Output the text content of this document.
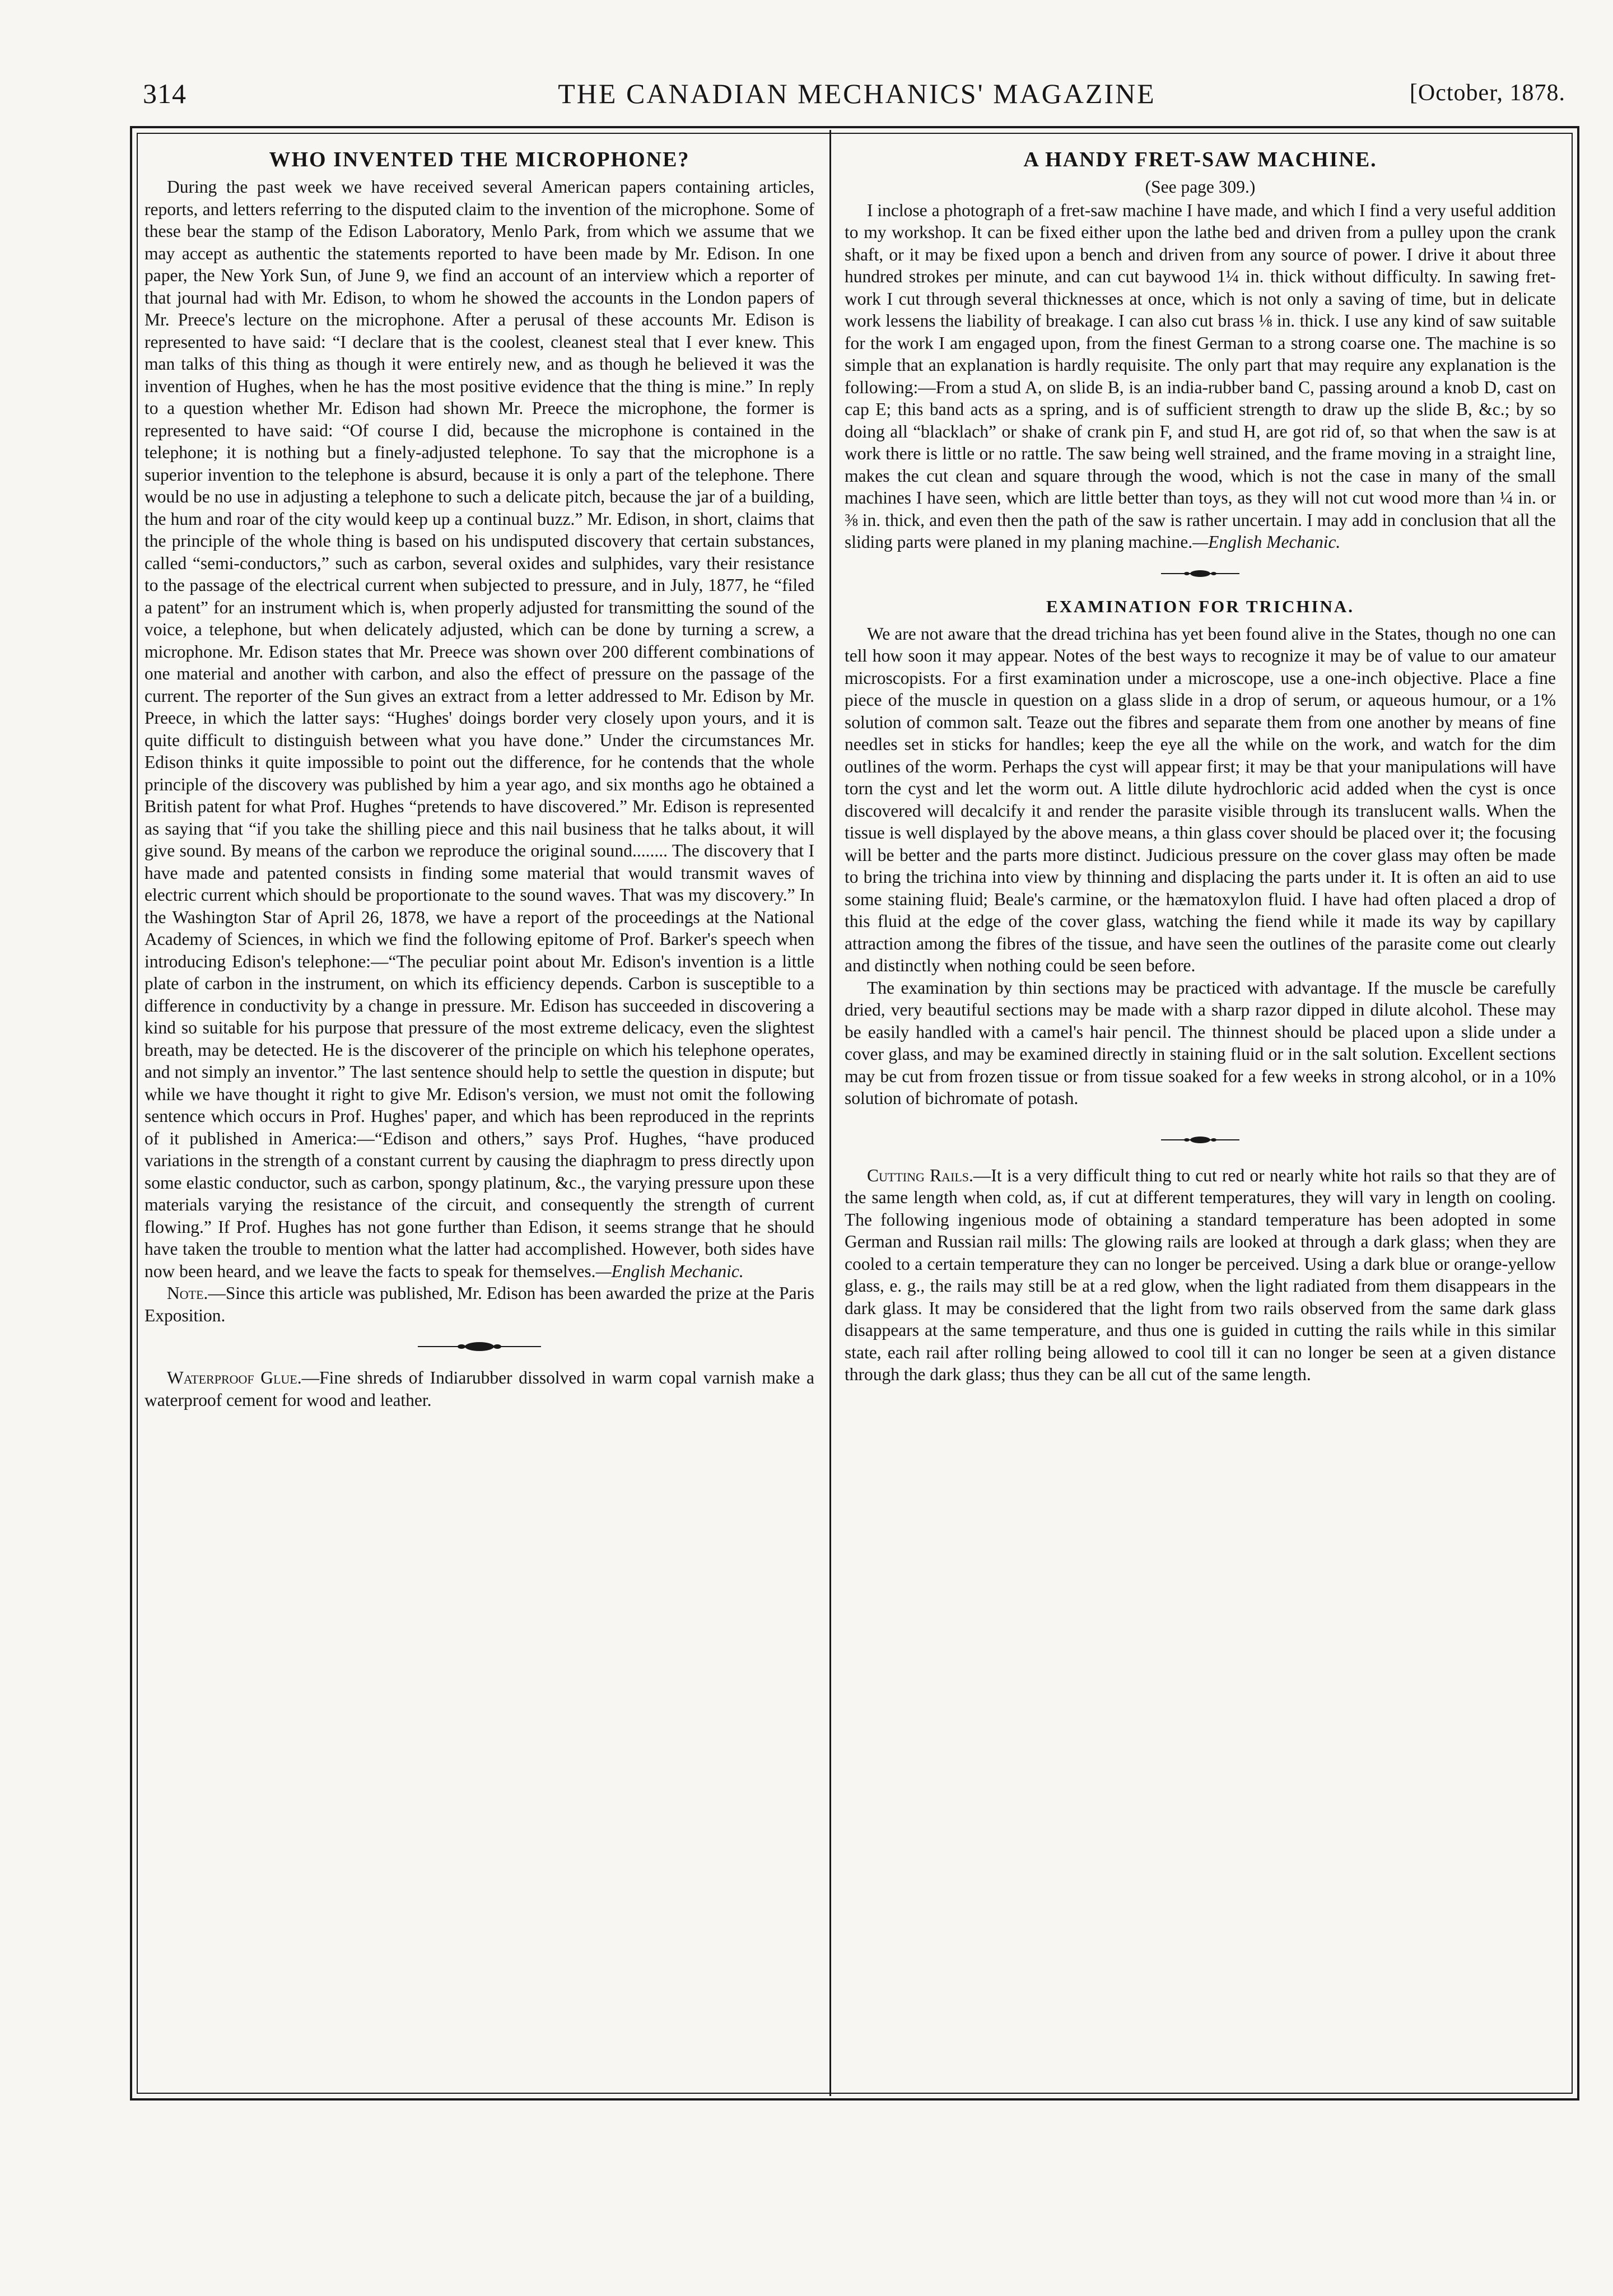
314	THE CANADIAN MECHANICS' MAGAZINE	[October, 1878.
WHO INVENTED THE MICROPHONE?

During the past week we have received several American papers containing articles, reports, and letters referring to the disputed claim to the invention of the microphone. Some of these bear the stamp of the Edison Laboratory, Menlo Park, from which we assume that we may accept as authentic the statements reported to have been made by Mr. Edison. In one paper, the New York Sun, of June 9, we find an account of an interview which a reporter of that journal had with Mr. Edison, to whom he showed the accounts in the London papers of Mr. Preece's lecture on the microphone. After a perusal of these accounts Mr. Edison is represented to have said: “I declare that is the coolest, cleanest steal that I ever knew. This man talks of this thing as though it were entirely new, and as though he believed it was the invention of Hughes, when he has the most positive evidence that the thing is mine.” In reply to a question whether Mr. Edison had shown Mr. Preece the microphone, the former is represented to have said: “Of course I did, because the microphone is contained in the telephone; it is nothing but a finely-adjusted telephone. To say that the microphone is a superior invention to the telephone is absurd, because it is only a part of the telephone. There would be no use in adjusting a telephone to such a delicate pitch, because the jar of a building, the hum and roar of the city would keep up a continual buzz.” Mr. Edison, in short, claims that the principle of the whole thing is based on his undisputed discovery that certain substances, called “semi-conductors,” such as carbon, several oxides and sulphides, vary their resistance to the passage of the electrical current when subjected to pressure, and in July, 1877, he “filed a patent” for an instrument which is, when properly adjusted for transmitting the sound of the voice, a telephone, but when delicately adjusted, which can be done by turning a screw, a microphone. Mr. Edison states that Mr. Preece was shown over 200 different combinations of one material and another with carbon, and also the effect of pressure on the passage of the current. The reporter of the Sun gives an extract from a letter addressed to Mr. Edison by Mr. Preece, in which the latter says: “Hughes' doings border very closely upon yours, and it is quite difficult to distinguish between what you have done.” Under the circumstances Mr. Edison thinks it quite impossible to point out the difference, for he contends that the whole principle of the discovery was published by him a year ago, and six months ago he obtained a British patent for what Prof. Hughes “pretends to have discovered.” Mr. Edison is represented as saying that “if you take the shilling piece and this nail business that he talks about, it will give sound. By means of the carbon we reproduce the original sound........ The discovery that I have made and patented consists in finding some material that would transmit waves of electric current which should be proportionate to the sound waves. That was my discovery.” In the Washington Star of April 26, 1878, we have a report of the proceedings at the National Academy of Sciences, in which we find the following epitome of Prof. Barker's speech when introducing Edison's telephone:—“The peculiar point about Mr. Edison's invention is a little plate of carbon in the instrument, on which its efficiency depends. Carbon is susceptible to a difference in conductivity by a change in pressure. Mr. Edison has succeeded in discovering a kind so suitable for his purpose that pressure of the most extreme delicacy, even the slightest breath, may be detected. He is the discoverer of the principle on which his telephone operates, and not simply an inventor.” The last sentence should help to settle the question in dispute; but while we have thought it right to give Mr. Edison's version, we must not omit the following sentence which occurs in Prof. Hughes' paper, and which has been reproduced in the reprints of it published in America:—“Edison and others,” says Prof. Hughes, “have produced variations in the strength of a constant current by causing the diaphragm to press directly upon some elastic conductor, such as carbon, spongy platinum, &c., the varying pressure upon these materials varying the resistance of the circuit, and consequently the strength of current flowing.” If Prof. Hughes has not gone further than Edison, it seems strange that he should have taken the trouble to mention what the latter had accomplished. However, both sides have now been heard, and we leave the facts to speak for themselves.—English Mechanic.

Note.—Since this article was published, Mr. Edison has been awarded the prize at the Paris Exposition.

Waterproof Glue.—Fine shreds of Indiarubber dissolved in warm copal varnish make a waterproof cement for wood and leather.

A HANDY FRET-SAW MACHINE.
(See page 309.)

I inclose a photograph of a fret-saw machine I have made, and which I find a very useful addition to my workshop. It can be fixed either upon the lathe bed and driven from a pulley upon the crank shaft, or it may be fixed upon a bench and driven from any source of power. I drive it about three hundred strokes per minute, and can cut baywood 1¼ in. thick without difficulty. In sawing fret-work I cut through several thicknesses at once, which is not only a saving of time, but in delicate work lessens the liability of breakage. I can also cut brass ⅛ in. thick. I use any kind of saw suitable for the work I am engaged upon, from the finest German to a strong coarse one. The machine is so simple that an explanation is hardly requisite. The only part that may require any explanation is the following:—From a stud A, on slide B, is an india-rubber band C, passing around a knob D, cast on cap E; this band acts as a spring, and is of sufficient strength to draw up the slide B, &c.; by so doing all “blacklach” or shake of crank pin F, and stud H, are got rid of, so that when the saw is at work there is little or no rattle. The saw being well strained, and the frame moving in a straight line, makes the cut clean and square through the wood, which is not the case in many of the small machines I have seen, which are little better than toys, as they will not cut wood more than ¼ in. or ⅜ in. thick, and even then the path of the saw is rather uncertain. I may add in conclusion that all the sliding parts were planed in my planing machine.—English Mechanic.

EXAMINATION FOR TRICHINA.

We are not aware that the dread trichina has yet been found alive in the States, though no one can tell how soon it may appear. Notes of the best ways to recognize it may be of value to our amateur microscopists. For a first examination under a microscope, use a one-inch objective. Place a fine piece of the muscle in question on a glass slide in a drop of serum, or aqueous humour, or a 1% solution of common salt. Teaze out the fibres and separate them from one another by means of fine needles set in sticks for handles; keep the eye all the while on the work, and watch for the dim outlines of the worm. Perhaps the cyst will appear first; it may be that your manipulations will have torn the cyst and let the worm out. A little dilute hydrochloric acid added when the cyst is once discovered will decalcify it and render the parasite visible through its translucent walls. When the tissue is well displayed by the above means, a thin glass cover should be placed over it; the focusing will be better and the parts more distinct. Judicious pressure on the cover glass may often be made to bring the trichina into view by thinning and displacing the parts under it. It is often an aid to use some staining fluid; Beale's carmine, or the hæmatoxylon fluid. I have had often placed a drop of this fluid at the edge of the cover glass, watching the fiend while it made its way by capillary attraction among the fibres of the tissue, and have seen the outlines of the parasite come out clearly and distinctly when nothing could be seen before.

The examination by thin sections may be practiced with advantage. If the muscle be carefully dried, very beautiful sections may be made with a sharp razor dipped in dilute alcohol. These may be easily handled with a camel's hair pencil. The thinnest should be placed upon a slide under a cover glass, and may be examined directly in staining fluid or in the salt solution. Excellent sections may be cut from frozen tissue or from tissue soaked for a few weeks in strong alcohol, or in a 10% solution of bichromate of potash.

Cutting Rails.—It is a very difficult thing to cut red or nearly white hot rails so that they are of the same length when cold, as, if cut at different temperatures, they will vary in length on cooling. The following ingenious mode of obtaining a standard temperature has been adopted in some German and Russian rail mills: The glowing rails are looked at through a dark glass; when they are cooled to a certain temperature they can no longer be perceived. Using a dark blue or orange-yellow glass, e. g., the rails may still be at a red glow, when the light radiated from them disappears in the dark glass. It may be considered that the light from two rails observed from the same dark glass disappears at the same temperature, and thus one is guided in cutting the rails while in this similar state, each rail after rolling being allowed to cool till it can no longer be seen at a given distance through the dark glass; thus they can be all cut of the same length.
